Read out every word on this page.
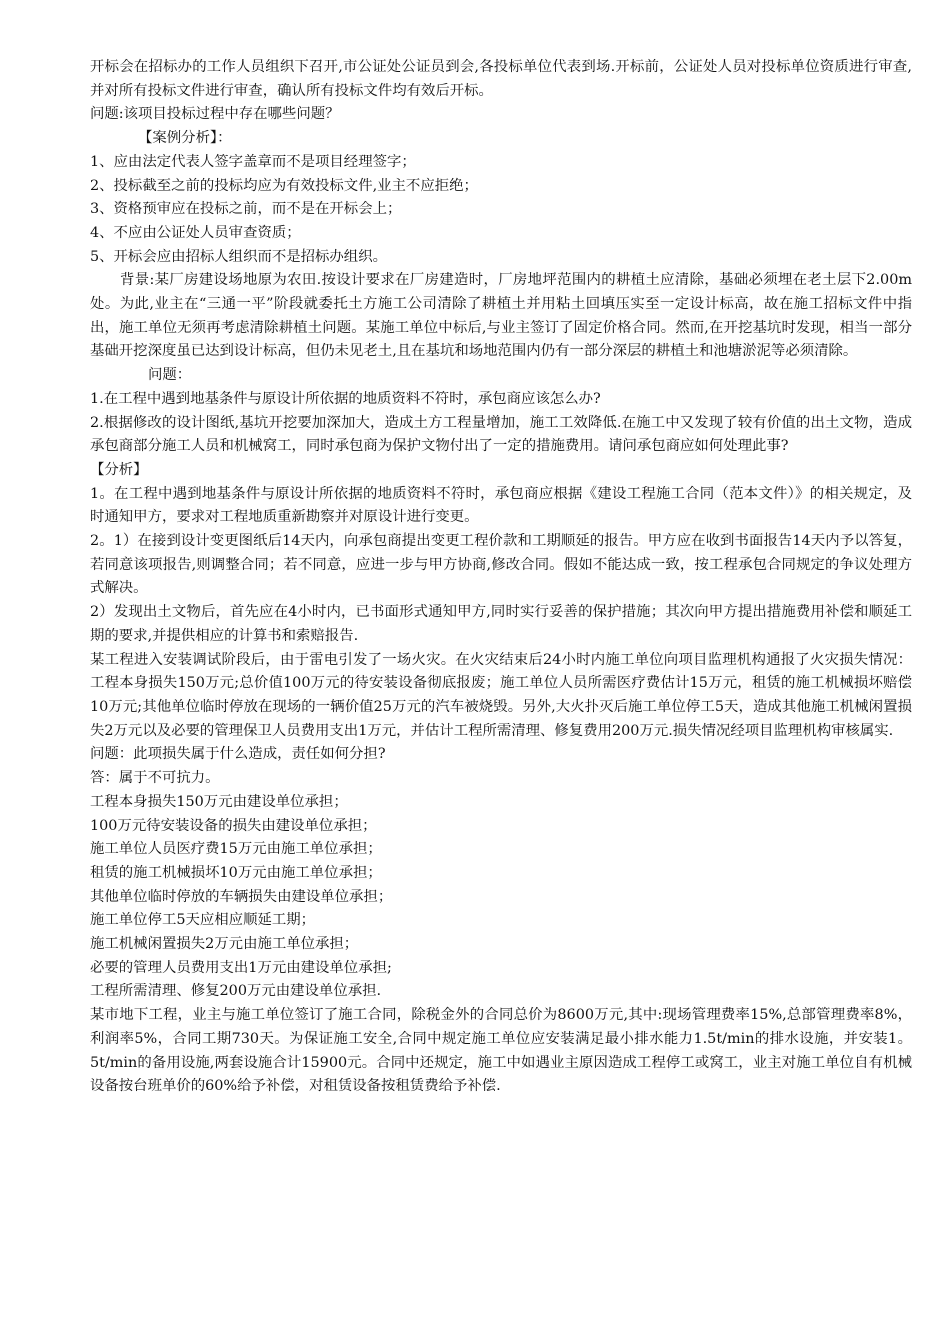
开标会在招标办的工作人员组织下召开,市公证处公证员到会,各投标单位代表到场.开标前，公证处人员对投标单位资质进行审查,并对所有投标文件进行审查，确认所有投标文件均有效后开标。

问题:该项目投标过程中存在哪些问题？

【案例分析】：

1、应由法定代表人签字盖章而不是项目经理签字；

2、投标截至之前的投标均应为有效投标文件,业主不应拒绝；

3、资格预审应在投标之前，而不是在开标会上；

4、不应由公证处人员审查资质；

5、开标会应由招标人组织而不是招标办组织。

背景:某厂房建设场地原为农田.按设计要求在厂房建造时，厂房地坪范围内的耕植土应清除，基础必须埋在老土层下2.00m处。为此,业主在“三通一平”阶段就委托土方施工公司清除了耕植土并用粘土回填压实至一定设计标高，故在施工招标文件中指出，施工单位无须再考虑清除耕植土问题。某施工单位中标后,与业主签订了固定价格合同。然而,在开挖基坑时发现，相当一部分基础开挖深度虽已达到设计标高，但仍未见老土,且在基坑和场地范围内仍有一部分深层的耕植土和池塘淤泥等必须清除。

问题：

1.在工程中遇到地基条件与原设计所依据的地质资料不符时，承包商应该怎么办?

2.根据修改的设计图纸,基坑开挖要加深加大，造成土方工程量增加，施工工效降低.在施工中又发现了较有价值的出土文物，造成承包商部分施工人员和机械窝工，同时承包商为保护文物付出了一定的措施费用。请问承包商应如何处理此事?

【分析】

1。在工程中遇到地基条件与原设计所依据的地质资料不符时，承包商应根据《建设工程施工合同（范本文件）》的相关规定，及时通知甲方，要求对工程地质重新勘察并对原设计进行变更。

2。1）在接到设计变更图纸后14天内，向承包商提出变更工程价款和工期顺延的报告。甲方应在收到书面报告14天内予以答复，若同意该项报告,则调整合同；若不同意，应进一步与甲方协商,修改合同。假如不能达成一致，按工程承包合同规定的争议处理方式解决。

2）发现出土文物后，首先应在4小时内，已书面形式通知甲方,同时实行妥善的保护措施；其次向甲方提出措施费用补偿和顺延工期的要求,并提供相应的计算书和索赔报告.

某工程进入安装调试阶段后，由于雷电引发了一场火灾。在火灾结束后24小时内施工单位向项目监理机构通报了火灾损失情况：工程本身损失150万元;总价值100万元的待安装设备彻底报废；施工单位人员所需医疗费估计15万元，租赁的施工机械损坏赔偿10万元;其他单位临时停放在现场的一辆价值25万元的汽车被烧毁。另外,大火扑灭后施工单位停工5天，造成其他施工机械闲置损失2万元以及必要的管理保卫人员费用支出1万元，并估计工程所需清理、修复费用200万元.损失情况经项目监理机构审核属实.

问题：此项损失属于什么造成，责任如何分担?

答：属于不可抗力。

工程本身损失150万元由建设单位承担；

100万元待安装设备的损失由建设单位承担；

施工单位人员医疗费15万元由施工单位承担；

租赁的施工机械损坏10万元由施工单位承担；

其他单位临时停放的车辆损失由建设单位承担；

施工单位停工5天应相应顺延工期；

施工机械闲置损失2万元由施工单位承担；

必要的管理人员费用支出1万元由建设单位承担;

工程所需清理、修复200万元由建设单位承担.

某市地下工程，业主与施工单位签订了施工合同，除税金外的合同总价为8600万元,其中:现场管理费率15%,总部管理费率8%，利润率5%，合同工期730天。为保证施工安全,合同中规定施工单位应安装满足最小排水能力1.5t/min的排水设施，并安装1。5t/min的备用设施,两套设施合计15900元。合同中还规定，施工中如遇业主原因造成工程停工或窝工，业主对施工单位自有机械设备按台班单价的60%给予补偿，对租赁设备按租赁费给予补偿.
